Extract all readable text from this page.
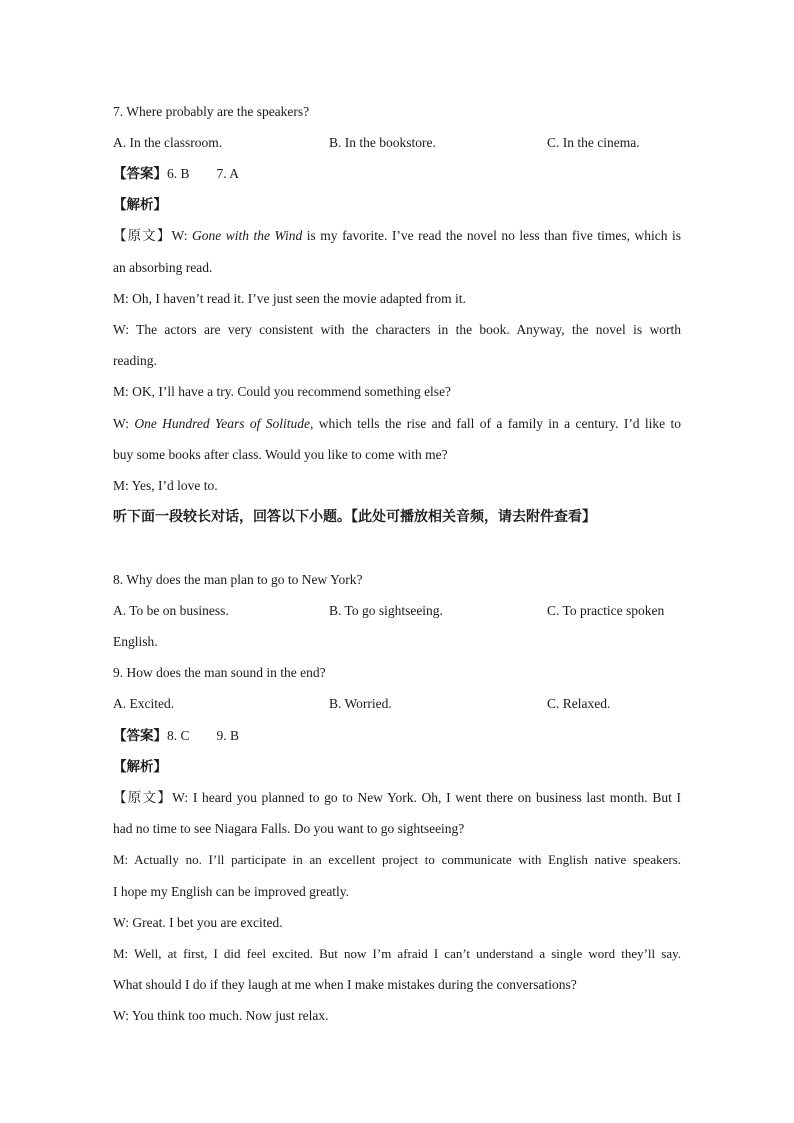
7. Where probably are the speakers?
A. In the classroom.	B. In the bookstore.	C. In the cinema.
【答案】6. B        7. A
【解析】
【原文】W: Gone with the Wind is my favorite. I’ve read the novel no less than five times, which is
an absorbing read.
M: Oh, I haven’t read it. I’ve just seen the movie adapted from it.
W: The actors are very consistent with the characters in the book. Anyway, the novel is worth
reading.
M: OK, I’ll have a try. Could you recommend something else?
W: One Hundred Years of Solitude, which tells the rise and fall of a family in a century. I’d like to
buy some books after class. Would you like to come with me?
M: Yes, I’d love to.
听下面一段较长对话，回答以下小题。【此处可播放相关音频，请去附件查看】
8. Why does the man plan to go to New York?
A. To be on business.	B. To go sightseeing.	C. To practice spoken
English.
9. How does the man sound in the end?
A. Excited.	B. Worried.	C. Relaxed.
【答案】8. C        9. B
【解析】
【原文】W: I heard you planned to go to New York. Oh, I went there on business last month. But I
had no time to see Niagara Falls. Do you want to go sightseeing?
M: Actually no. I’ll participate in an excellent project to communicate with English native speakers.
I hope my English can be improved greatly.
W: Great. I bet you are excited.
M: Well, at first, I did feel excited. But now I’m afraid I can’t understand a single word they’ll say.
What should I do if they laugh at me when I make mistakes during the conversations?
W: You think too much. Now just relax.
